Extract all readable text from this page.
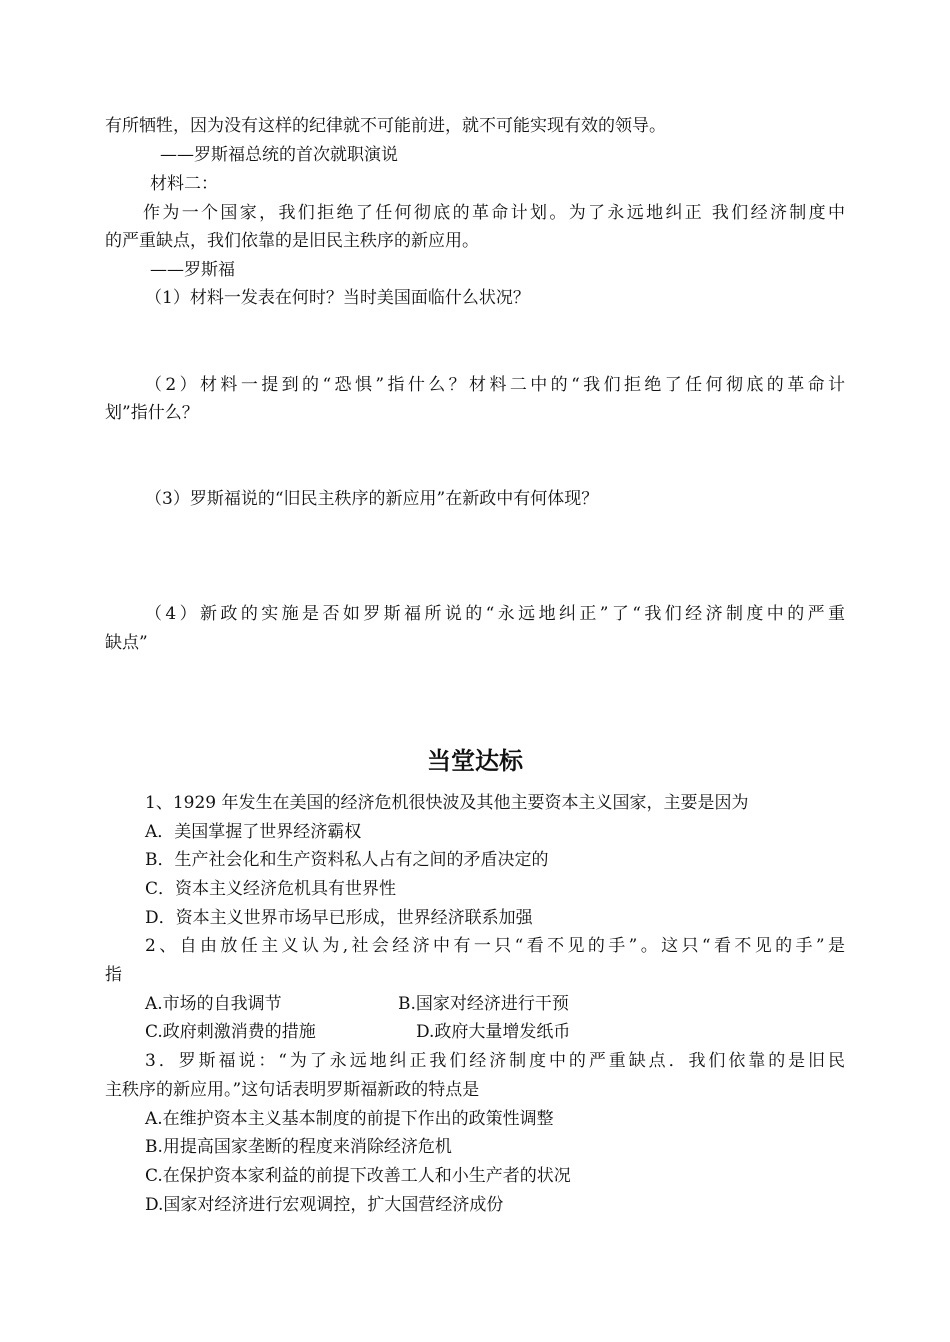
有所牺牲，因为没有这样的纪律就不可能前进，就不可能实现有效的领导。
——罗斯福总统的首次就职演说
材料二：
作为一个国家，我们拒绝了任何彻底的革命计划。为了永远地纠正 我们经济制度中
的严重缺点，我们依靠的是旧民主秩序的新应用。
——罗斯福
（1）材料一发表在何时？当时美国面临什么状况？
（2）材料一提到的“恐惧”指什么？材料二中的“我们拒绝了任何彻底的革命计
划”指什么？
（3）罗斯福说的“旧民主秩序的新应用”在新政中有何体现？
（4）新政的实施是否如罗斯福所说的“永远地纠正”了“我们经济制度中的严重
缺点”
当堂达标
1、1929 年发生在美国的经济危机很快波及其他主要资本主义国家，主要是因为
A．美国掌握了世界经济霸权
B．生产社会化和生产资料私人占有之间的矛盾决定的
C．资本主义经济危机具有世界性
D．资本主义世界市场早已形成，世界经济联系加强
2、自由放任主义认为,社会经济中有一只“看不见的手”。这只“看不见的手”是
指
A.市场的自我调节	B.国家对经济进行干预
C.政府刺激消费的措施	D.政府大量增发纸币
3．罗斯福说：“为了永远地纠正我们经济制度中的严重缺点．我们依靠的是旧民
主秩序的新应用。”这句话表明罗斯福新政的特点是
A.在维护资本主义基本制度的前提下作出的政策性调整
B.用提高国家垄断的程度来消除经济危机
C.在保护资本家利益的前提下改善工人和小生产者的状况
D.国家对经济进行宏观调控，扩大国营经济成份
